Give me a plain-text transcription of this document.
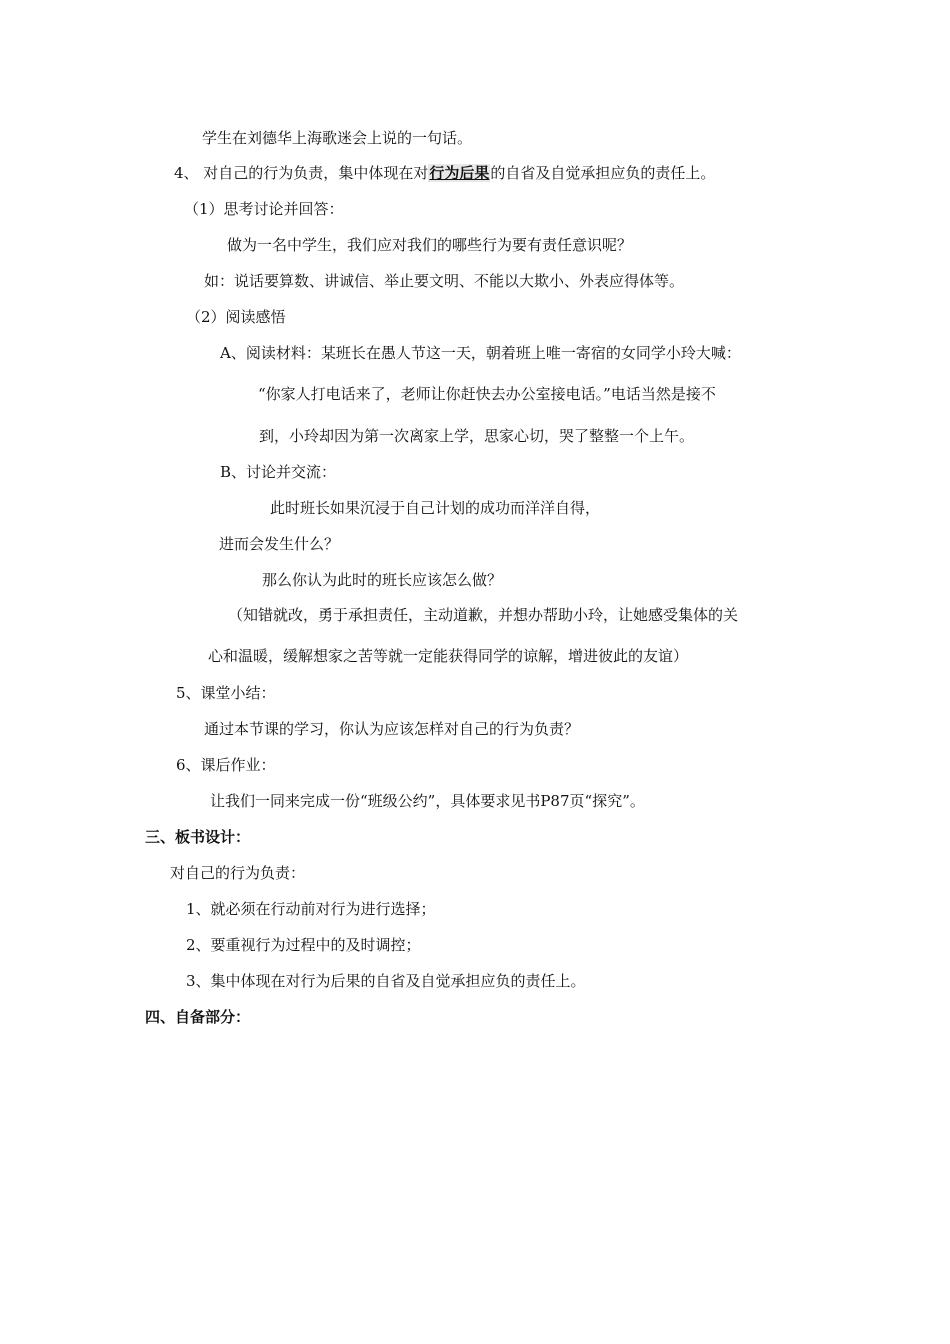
学生在刘德华上海歌迷会上说的一句话。
4、 对自己的行为负责，集中体现在对行为后果的自省及自觉承担应负的责任上。
（1）思考讨论并回答：
做为一名中学生，我们应对我们的哪些行为要有责任意识呢？
如：说话要算数、讲诚信、举止要文明、不能以大欺小、外表应得体等。
（2）阅读感悟
A、阅读材料：某班长在愚人节这一天，朝着班上唯一寄宿的女同学小玲大喊：
“你家人打电话来了，老师让你赶快去办公室接电话。”电话当然是接不
到，小玲却因为第一次离家上学，思家心切，哭了整整一个上午。
B、讨论并交流：
此时班长如果沉浸于自己计划的成功而洋洋自得，
进而会发生什么？
那么你认为此时的班长应该怎么做？
（知错就改，勇于承担责任，主动道歉，并想办帮助小玲，让她感受集体的关
心和温暖，缓解想家之苦等就一定能获得同学的谅解，增进彼此的友谊）
5、课堂小结：
通过本节课的学习，你认为应该怎样对自己的行为负责？
6、课后作业：
让我们一同来完成一份“班级公约”，具体要求见书P87页“探究”。
三、板书设计：
对自己的行为负责：
1、就必须在行动前对行为进行选择；
2、要重视行为过程中的及时调控；
3、集中体现在对行为后果的自省及自觉承担应负的责任上。
四、自备部分：
